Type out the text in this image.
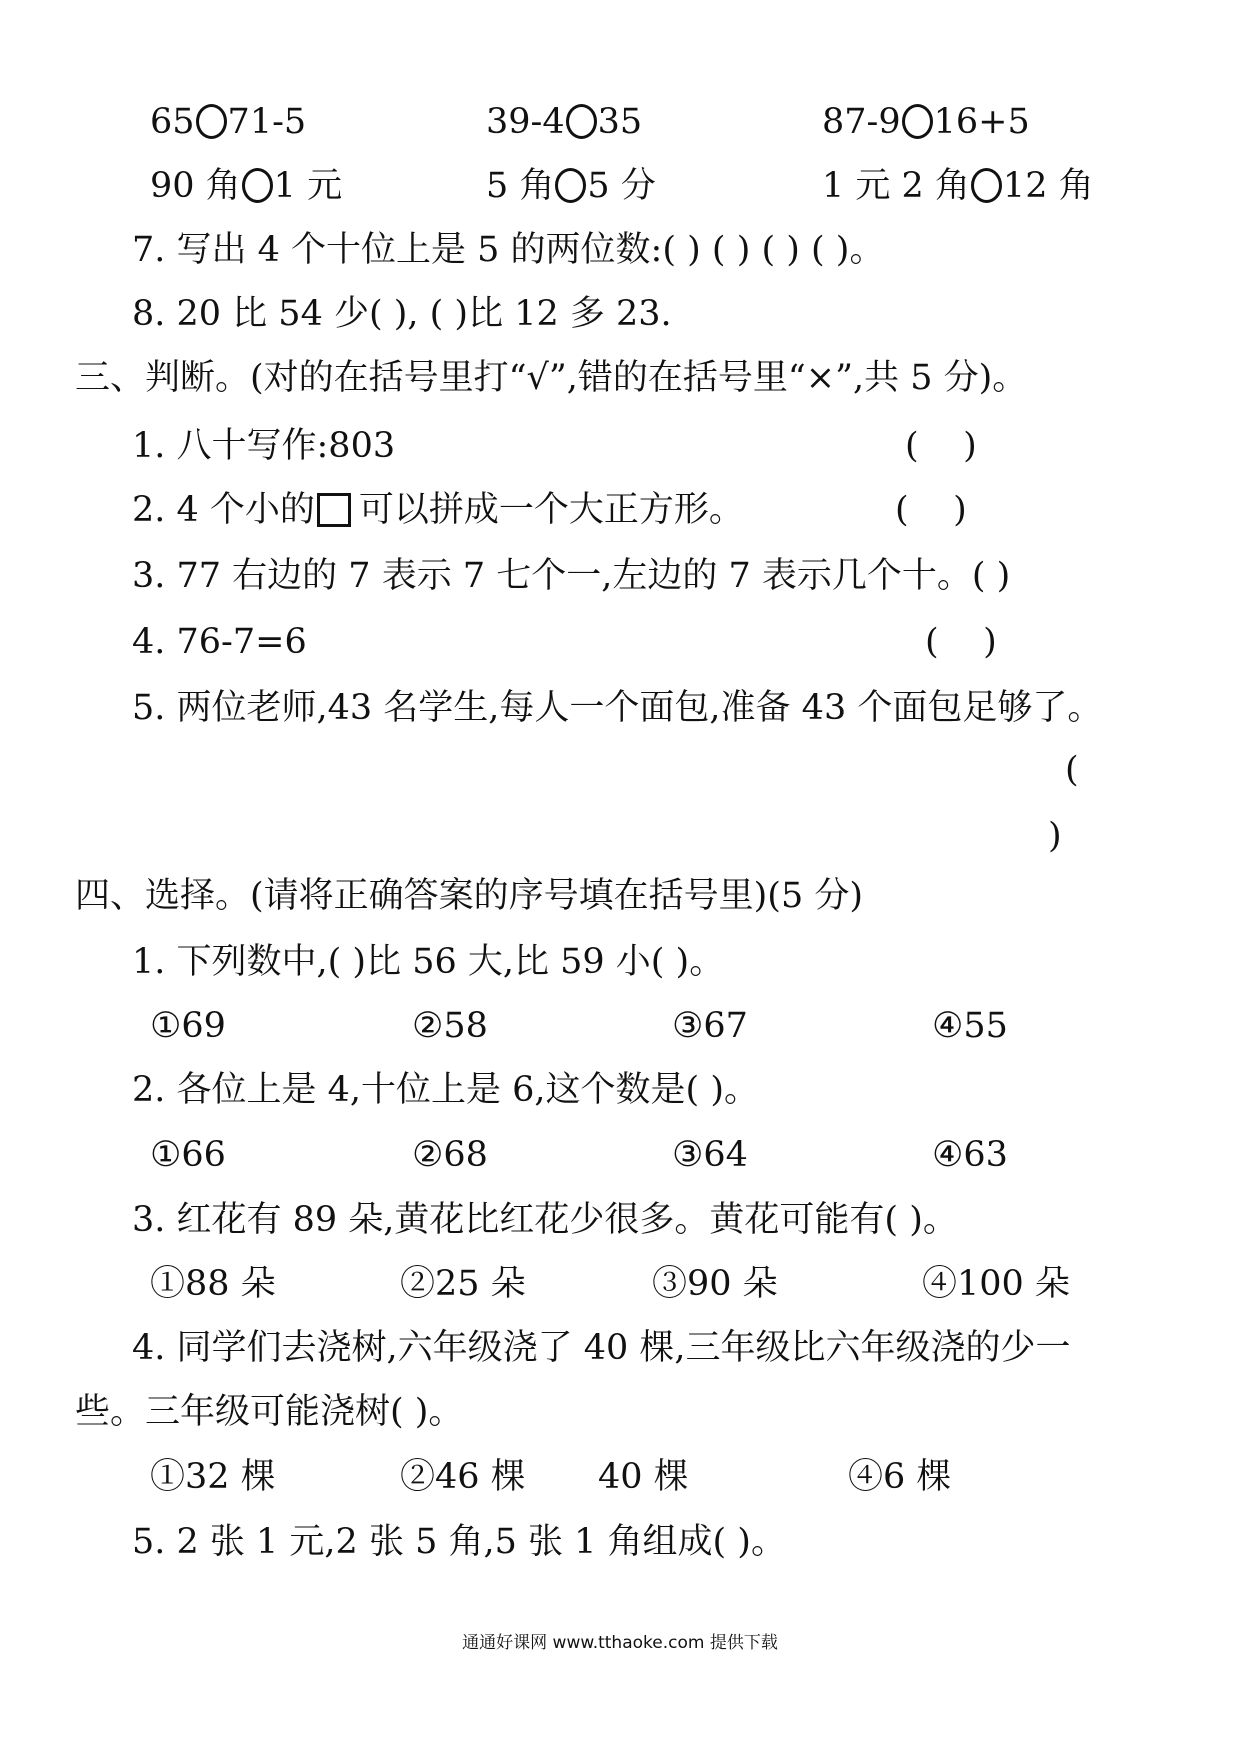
65 71-5	39-4 35	87-9 16+5
90 角 1 元	5 角 5 分	1 元 2 角 12 角
7. 写出 4 个十位上是 5 的两位数:( ) ( ) ( ) ( )。
8. 20 比 54 少( ), ( )比 12 多 23.
三、判断。(对的在括号里打“√”,错的在括号里“×”,共 5 分)。
1. 八十写作:803	(    )
2. 4 个小的 可以拼成一个大正方形。	(    )
3. 77 右边的 7 表示 7 七个一,左边的 7 表示几个十。( )
4. 76-7=6	(    )
5. 两位老师,43 名学生,每人一个面包,准备 43 个面包足够了。
(
)
四、选择。(请将正确答案的序号填在括号里)(5 分)
1. 下列数中,( )比 56 大,比 59 小( )。
①69	②58	③67	④55
2. 各位上是 4,十位上是 6,这个数是( )。
①66	②68	③64	④63
3. 红花有 89 朵,黄花比红花少很多。黄花可能有( )。
①88 朵	②25 朵	③90 朵	④100 朵
4. 同学们去浇树,六年级浇了 40 棵,三年级比六年级浇的少一
些。三年级可能浇树( )。
①32 棵	②46 棵 40 棵	④6 棵
5. 2 张 1 元,2 张 5 角,5 张 1 角组成( )。
通通好课网 www.tthaoke.com 提供下载
